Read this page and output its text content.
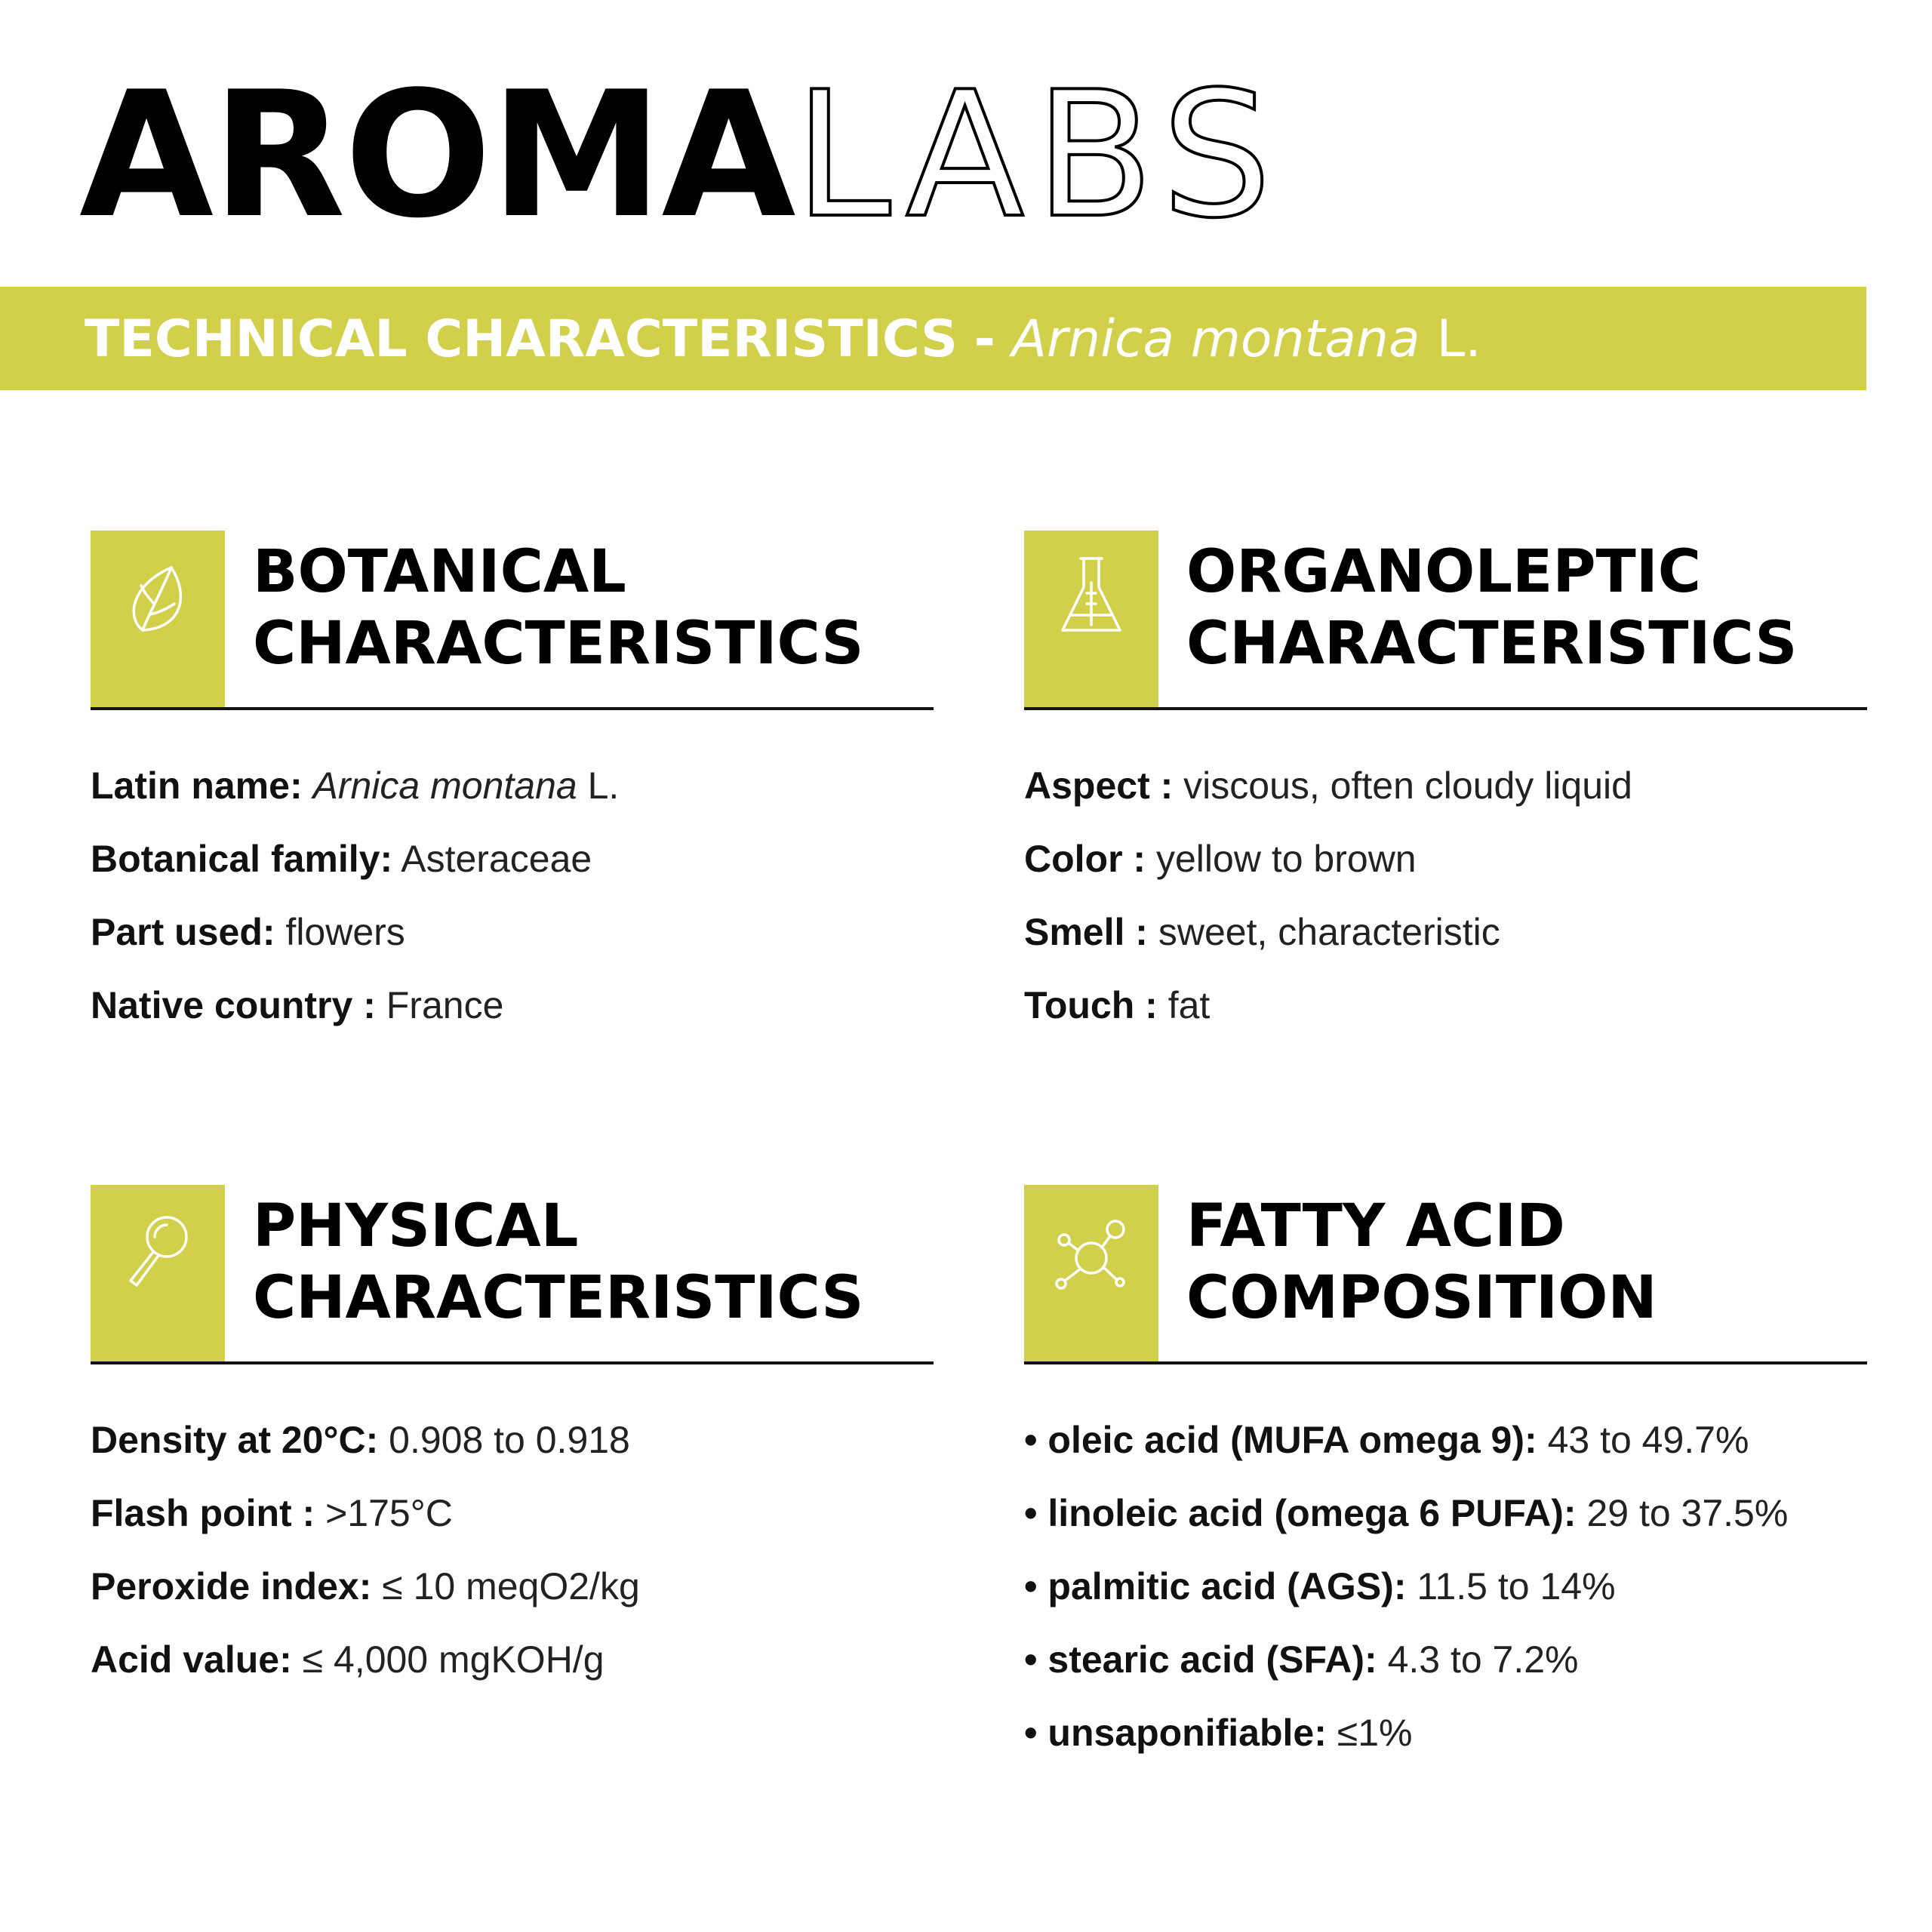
AROMALABS
TECHNICAL CHARACTERISTICS - Arnica montana L.
BOTANICAL
CHARACTERISTICS
Latin name: Arnica montana L.
Botanical family: Asteraceae
Part used: flowers
Native country : France
ORGANOLEPTIC
CHARACTERISTICS
Aspect : viscous, often cloudy liquid
Color : yellow to brown
Smell : sweet, characteristic
Touch : fat
PHYSICAL
CHARACTERISTICS
Density at 20°C: 0.908 to 0.918
Flash point : >175°C
Peroxide index: ≤ 10 meqO2/kg
Acid value: ≤ 4,000 mgKOH/g
FATTY ACID
COMPOSITION
• oleic acid (MUFA omega 9): 43 to 49.7%
• linoleic acid (omega 6 PUFA): 29 to 37.5%
• palmitic acid (AGS): 11.5 to 14%
• stearic acid (SFA): 4.3 to 7.2%
• unsaponifiable: ≤1%
